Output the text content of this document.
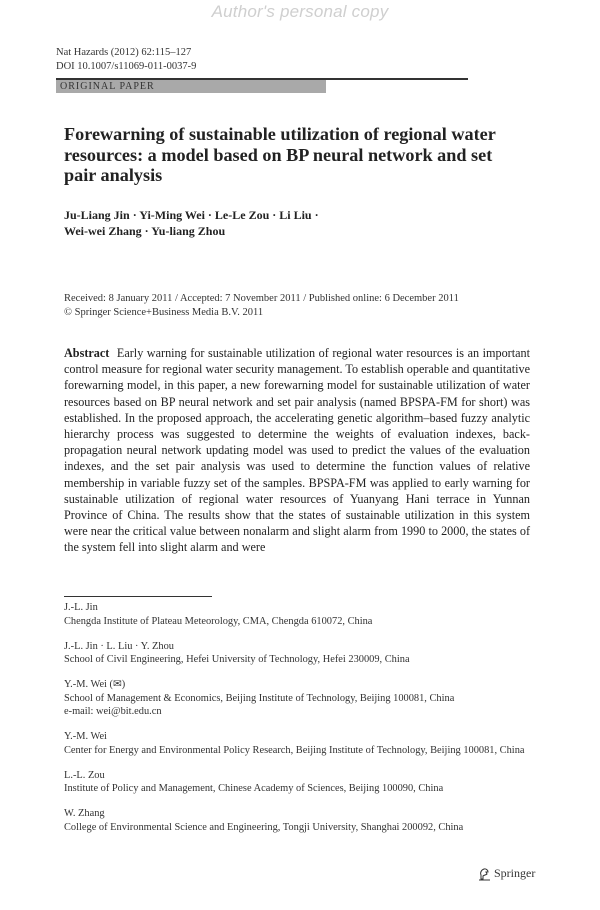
Author's personal copy
Nat Hazards (2012) 62:115–127
DOI 10.1007/s11069-011-0037-9
ORIGINAL PAPER
Forewarning of sustainable utilization of regional water resources: a model based on BP neural network and set pair analysis
Ju-Liang Jin · Yi-Ming Wei · Le-Le Zou · Li Liu ·
Wei-wei Zhang · Yu-liang Zhou
Received: 8 January 2011 / Accepted: 7 November 2011 / Published online: 6 December 2011
© Springer Science+Business Media B.V. 2011
Abstract Early warning for sustainable utilization of regional water resources is an important control measure for regional water security management. To establish operable and quantitative forewarning model, in this paper, a new forewarning model for sustainable utilization of water resources based on BP neural network and set pair analysis (named BPSPA-FM for short) was established. In the proposed approach, the accelerating genetic algorithm–based fuzzy analytic hierarchy process was suggested to determine the weights of evaluation indexes, back-propagation neural network updating model was used to predict the values of the evaluation indexes, and the set pair analysis was used to determine the function values of relative membership in variable fuzzy set of the samples. BPSPA-FM was applied to early warning for sustainable utilization of regional water resources of Yuanyang Hani terrace in Yunnan Province of China. The results show that the states of sustainable utilization in this system were near the critical value between nonalarm and slight alarm from 1990 to 2000, the states of the system fell into slight alarm and were
J.-L. Jin
Chengda Institute of Plateau Meteorology, CMA, Chengda 610072, China
J.-L. Jin · L. Liu · Y. Zhou
School of Civil Engineering, Hefei University of Technology, Hefei 230009, China
Y.-M. Wei (✉)
School of Management & Economics, Beijing Institute of Technology, Beijing 100081, China
e-mail: wei@bit.edu.cn
Y.-M. Wei
Center for Energy and Environmental Policy Research, Beijing Institute of Technology, Beijing 100081, China
L.-L. Zou
Institute of Policy and Management, Chinese Academy of Sciences, Beijing 100090, China
W. Zhang
College of Environmental Science and Engineering, Tongji University, Shanghai 200092, China
Springer
